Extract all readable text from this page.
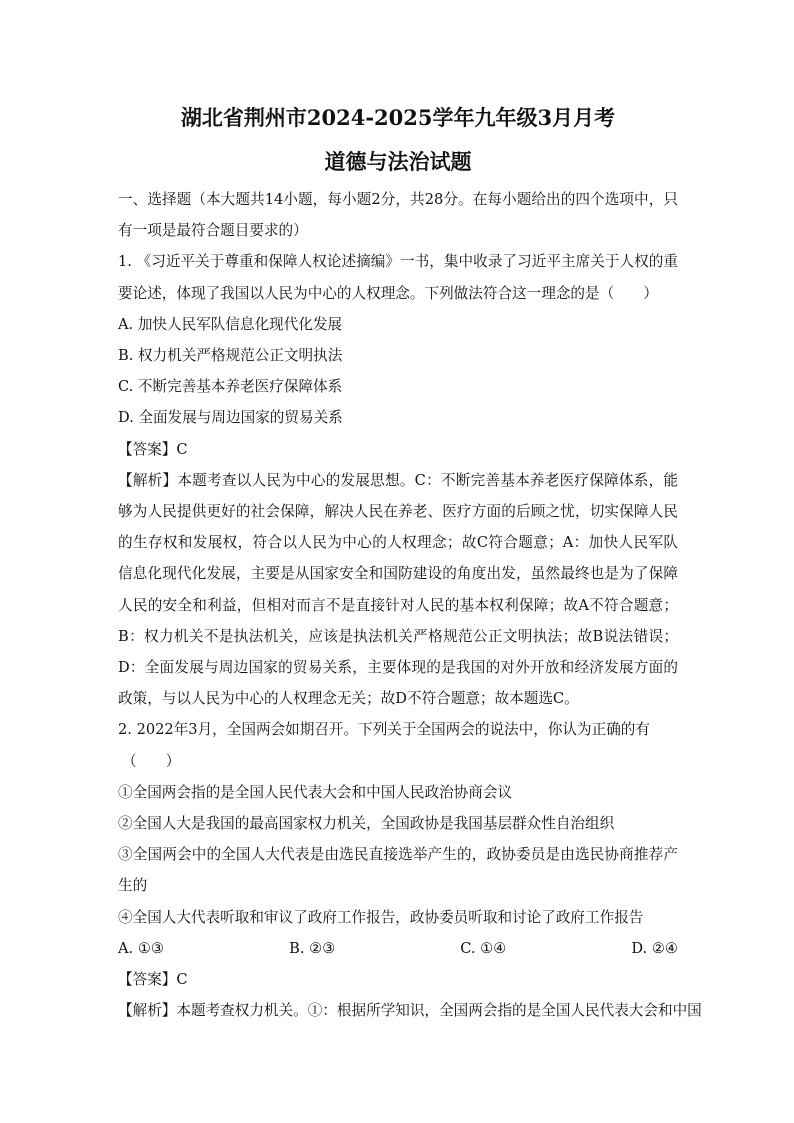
湖北省荆州市2024-2025学年九年级3月月考
道德与法治试题

一、选择题（本大题共14小题，每小题2分，共28分。在每小题给出的四个选项中，只有一项是最符合题目要求的）

1. 《习近平关于尊重和保障人权论述摘编》一书，集中收录了习近平主席关于人权的重要论述，体现了我国以人民为中心的人权理念。下列做法符合这一理念的是（　　）

A. 加快人民军队信息化现代化发展

B. 权力机关严格规范公正文明执法

C. 不断完善基本养老医疗保障体系

D. 全面发展与周边国家的贸易关系

【答案】C

【解析】本题考查以人民为中心的发展思想。C：不断完善基本养老医疗保障体系，能够为人民提供更好的社会保障，解决人民在养老、医疗方面的后顾之忧，切实保障人民的生存权和发展权，符合以人民为中心的人权理念；故C符合题意；A：加快人民军队信息化现代化发展，主要是从国家安全和国防建设的角度出发，虽然最终也是为了保障人民的安全和利益，但相对而言不是直接针对人民的基本权利保障；故A不符合题意；B：权力机关不是执法机关，应该是执法机关严格规范公正文明执法；故B说法错误；D：全面发展与周边国家的贸易关系，主要体现的是我国的对外开放和经济发展方面的政策，与以人民为中心的人权理念无关；故D不符合题意；故本题选C。

2. 2022年3月，全国两会如期召开。下列关于全国两会的说法中，你认为正确的有

（　　）

①全国两会指的是全国人民代表大会和中国人民政治协商会议

②全国人大是我国的最高国家权力机关，全国政协是我国基层群众性自治组织

③全国两会中的全国人大代表是由选民直接选举产生的，政协委员是由选民协商推荐产生的

④全国人大代表听取和审议了政府工作报告，政协委员听取和讨论了政府工作报告

A. ①③	B. ②③	C. ①④	D. ②④

【答案】C

【解析】本题考查权力机关。①：根据所学知识，全国两会指的是全国人民代表大会和中国
